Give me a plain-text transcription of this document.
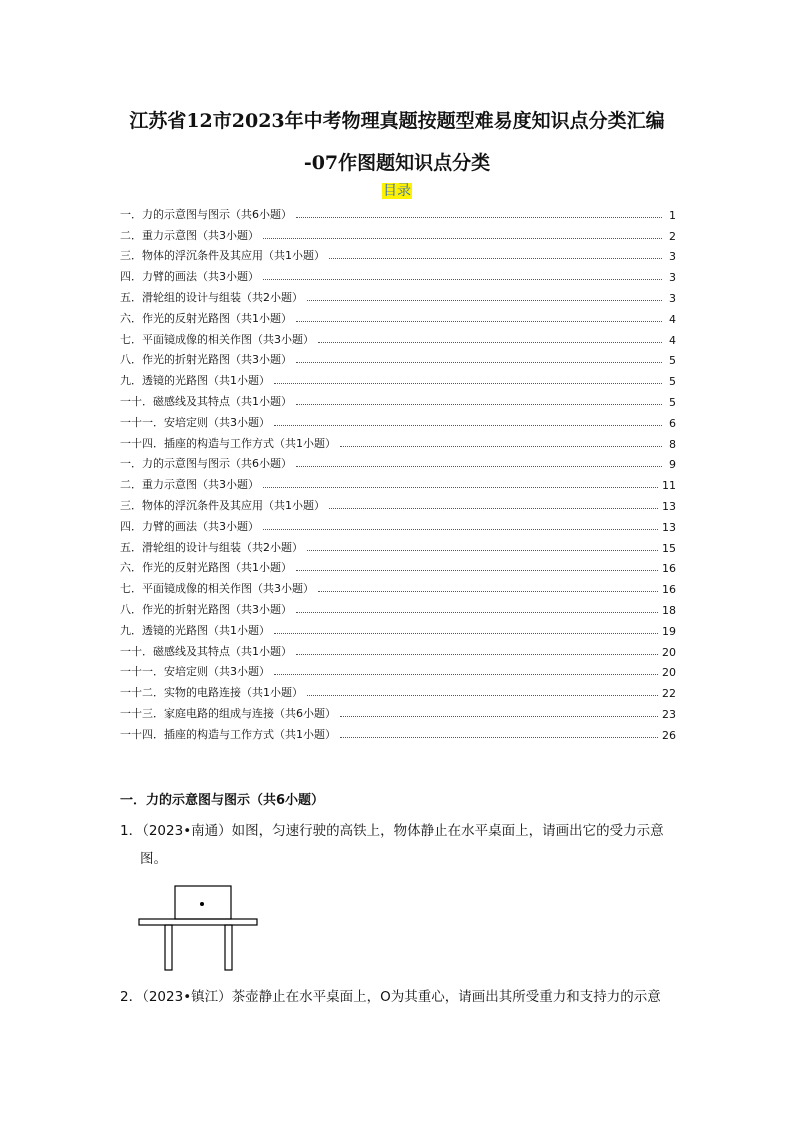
江苏省12市2023年中考物理真题按题型难易度知识点分类汇编
-07作图题知识点分类
目录
一．力的示意图与图示（共6小题）	1
二．重力示意图（共3小题）	2
三．物体的浮沉条件及其应用（共1小题）	3
四．力臂的画法（共3小题）	3
五．滑轮组的设计与组装（共2小题）	3
六．作光的反射光路图（共1小题）	4
七．平面镜成像的相关作图（共3小题）	4
八．作光的折射光路图（共3小题）	5
九．透镜的光路图（共1小题）	5
一十．磁感线及其特点（共1小题）	5
一十一．安培定则（共3小题）	6
一十四．插座的构造与工作方式（共1小题）	8
一．力的示意图与图示（共6小题）	9
二．重力示意图（共3小题）	11
三．物体的浮沉条件及其应用（共1小题）	13
四．力臂的画法（共3小题）	13
五．滑轮组的设计与组装（共2小题）	15
六．作光的反射光路图（共1小题）	16
七．平面镜成像的相关作图（共3小题）	16
八．作光的折射光路图（共3小题）	18
九．透镜的光路图（共1小题）	19
一十．磁感线及其特点（共1小题）	20
一十一．安培定则（共3小题）	20
一十二．实物的电路连接（共1小题）	22
一十三．家庭电路的组成与连接（共6小题）	23
一十四．插座的构造与工作方式（共1小题）	26
一．力的示意图与图示（共6小题）
1．（2023•南通）如图，匀速行驶的高铁上，物体静止在水平桌面上，请画出它的受力示意
图。
2．（2023•镇江）茶壶静止在水平桌面上，O为其重心，请画出其所受重力和支持力的示意
